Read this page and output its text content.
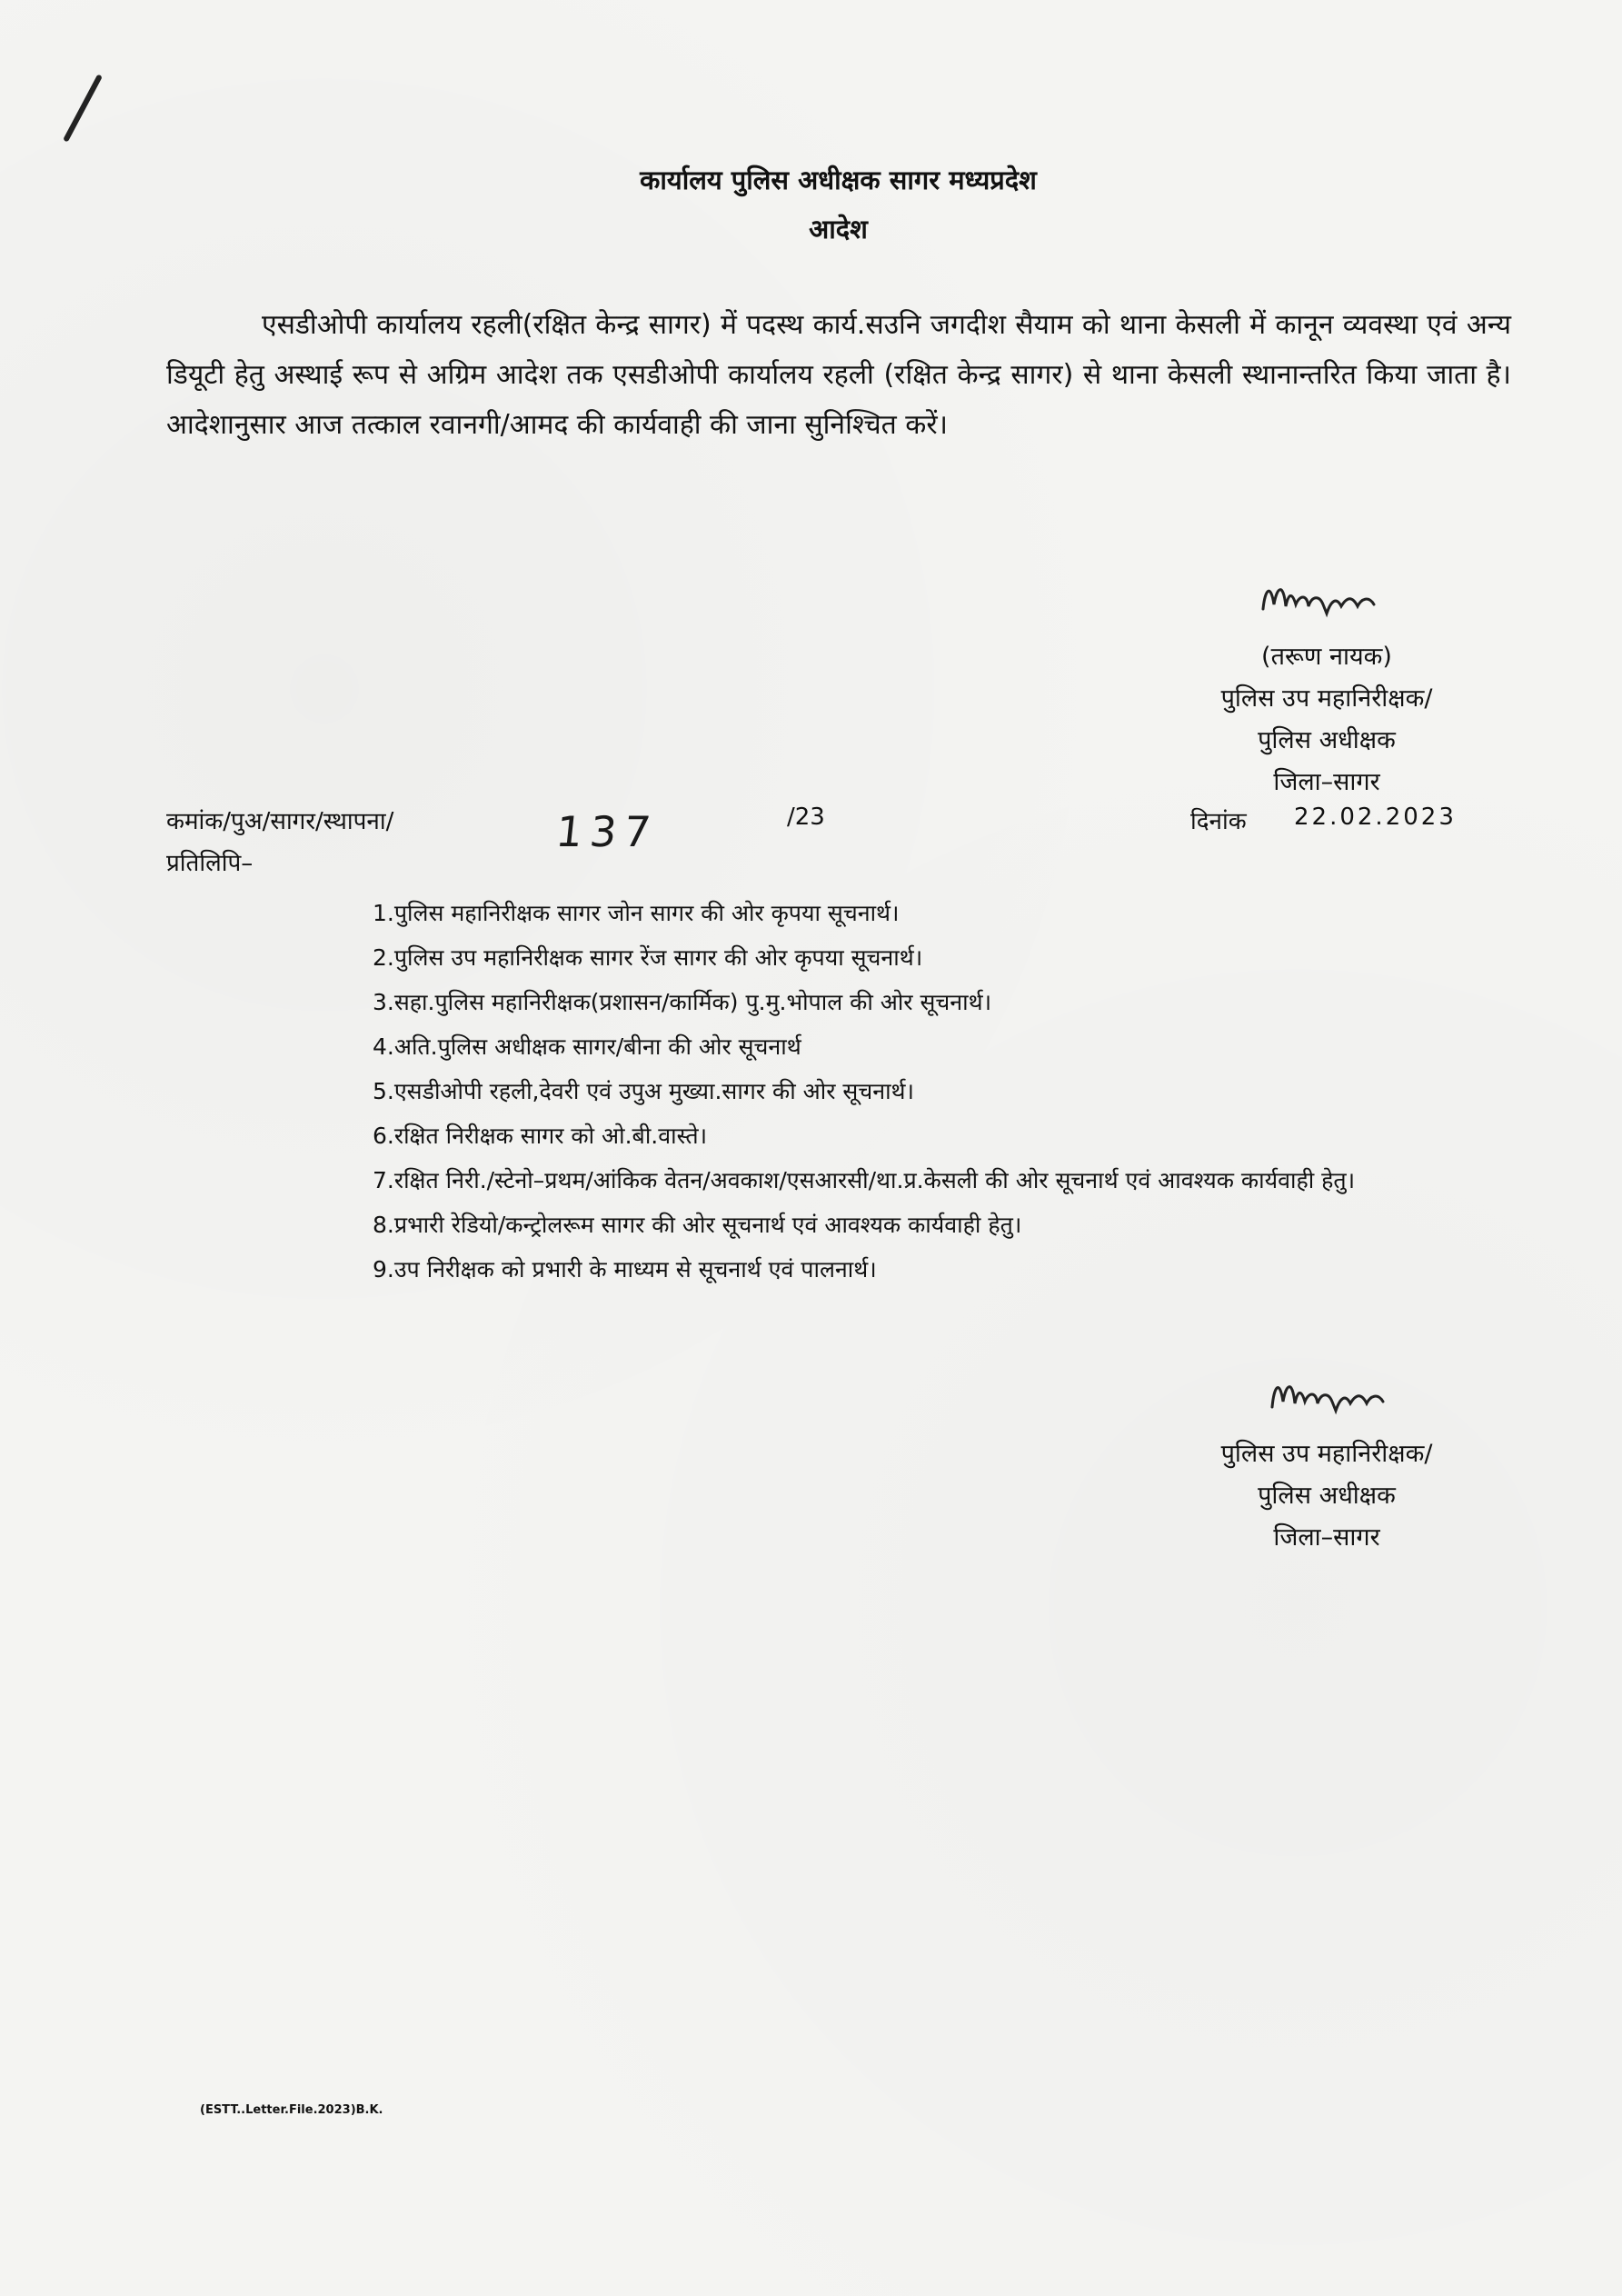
कार्यालय पुलिस अधीक्षक सागर मध्यप्रदेश
आदेश
एसडीओपी कार्यालय रहली(रक्षित केन्द्र सागर) में पदस्थ कार्य.सउनि जगदीश सैयाम को थाना केसली में कानून व्यवस्था एवं अन्य डियूटी हेतु अस्थाई रूप से अग्रिम आदेश तक एसडीओपी कार्यालय रहली (रक्षित केन्द्र सागर) से थाना केसली स्थानान्तरित किया जाता है। आदेशानुसार आज तत्काल रवानगी/आमद की कार्यवाही की जाना सुनिश्चित करें।
(तरूण नायक)
पुलिस उप महानिरीक्षक/
पुलिस अधीक्षक
जिला–सागर
कमांक/पुअ/सागर/स्थापना/	137	/23	दिनांक 22.02.2023
प्रतिलिपि–
1.पुलिस महानिरीक्षक सागर जोन सागर की ओर कृपया सूचनार्थ।
2.पुलिस उप महानिरीक्षक सागर रेंज सागर की ओर कृपया सूचनार्थ।
3.सहा.पुलिस महानिरीक्षक(प्रशासन/कार्मिक) पु.मु.भोपाल की ओर सूचनार्थ।
4.अति.पुलिस अधीक्षक सागर/बीना की ओर सूचनार्थ
5.एसडीओपी रहली,देवरी एवं उपुअ मुख्या.सागर की ओर सूचनार्थ।
6.रक्षित निरीक्षक सागर को ओ.बी.वास्ते।
7.रक्षित निरी./स्टेनो–प्रथम/आंकिक वेतन/अवकाश/एसआरसी/था.प्र.केसली की ओर सूचनार्थ एवं आवश्यक कार्यवाही हेतु।
8.प्रभारी रेडियो/कन्ट्रोलरूम सागर की ओर सूचनार्थ एवं आवश्यक कार्यवाही हेतु।
9.उप निरीक्षक को प्रभारी के माध्यम से सूचनार्थ एवं पालनार्थ।
पुलिस उप महानिरीक्षक/
पुलिस अधीक्षक
जिला–सागर
(ESTT..Letter.File.2023)B.K.
